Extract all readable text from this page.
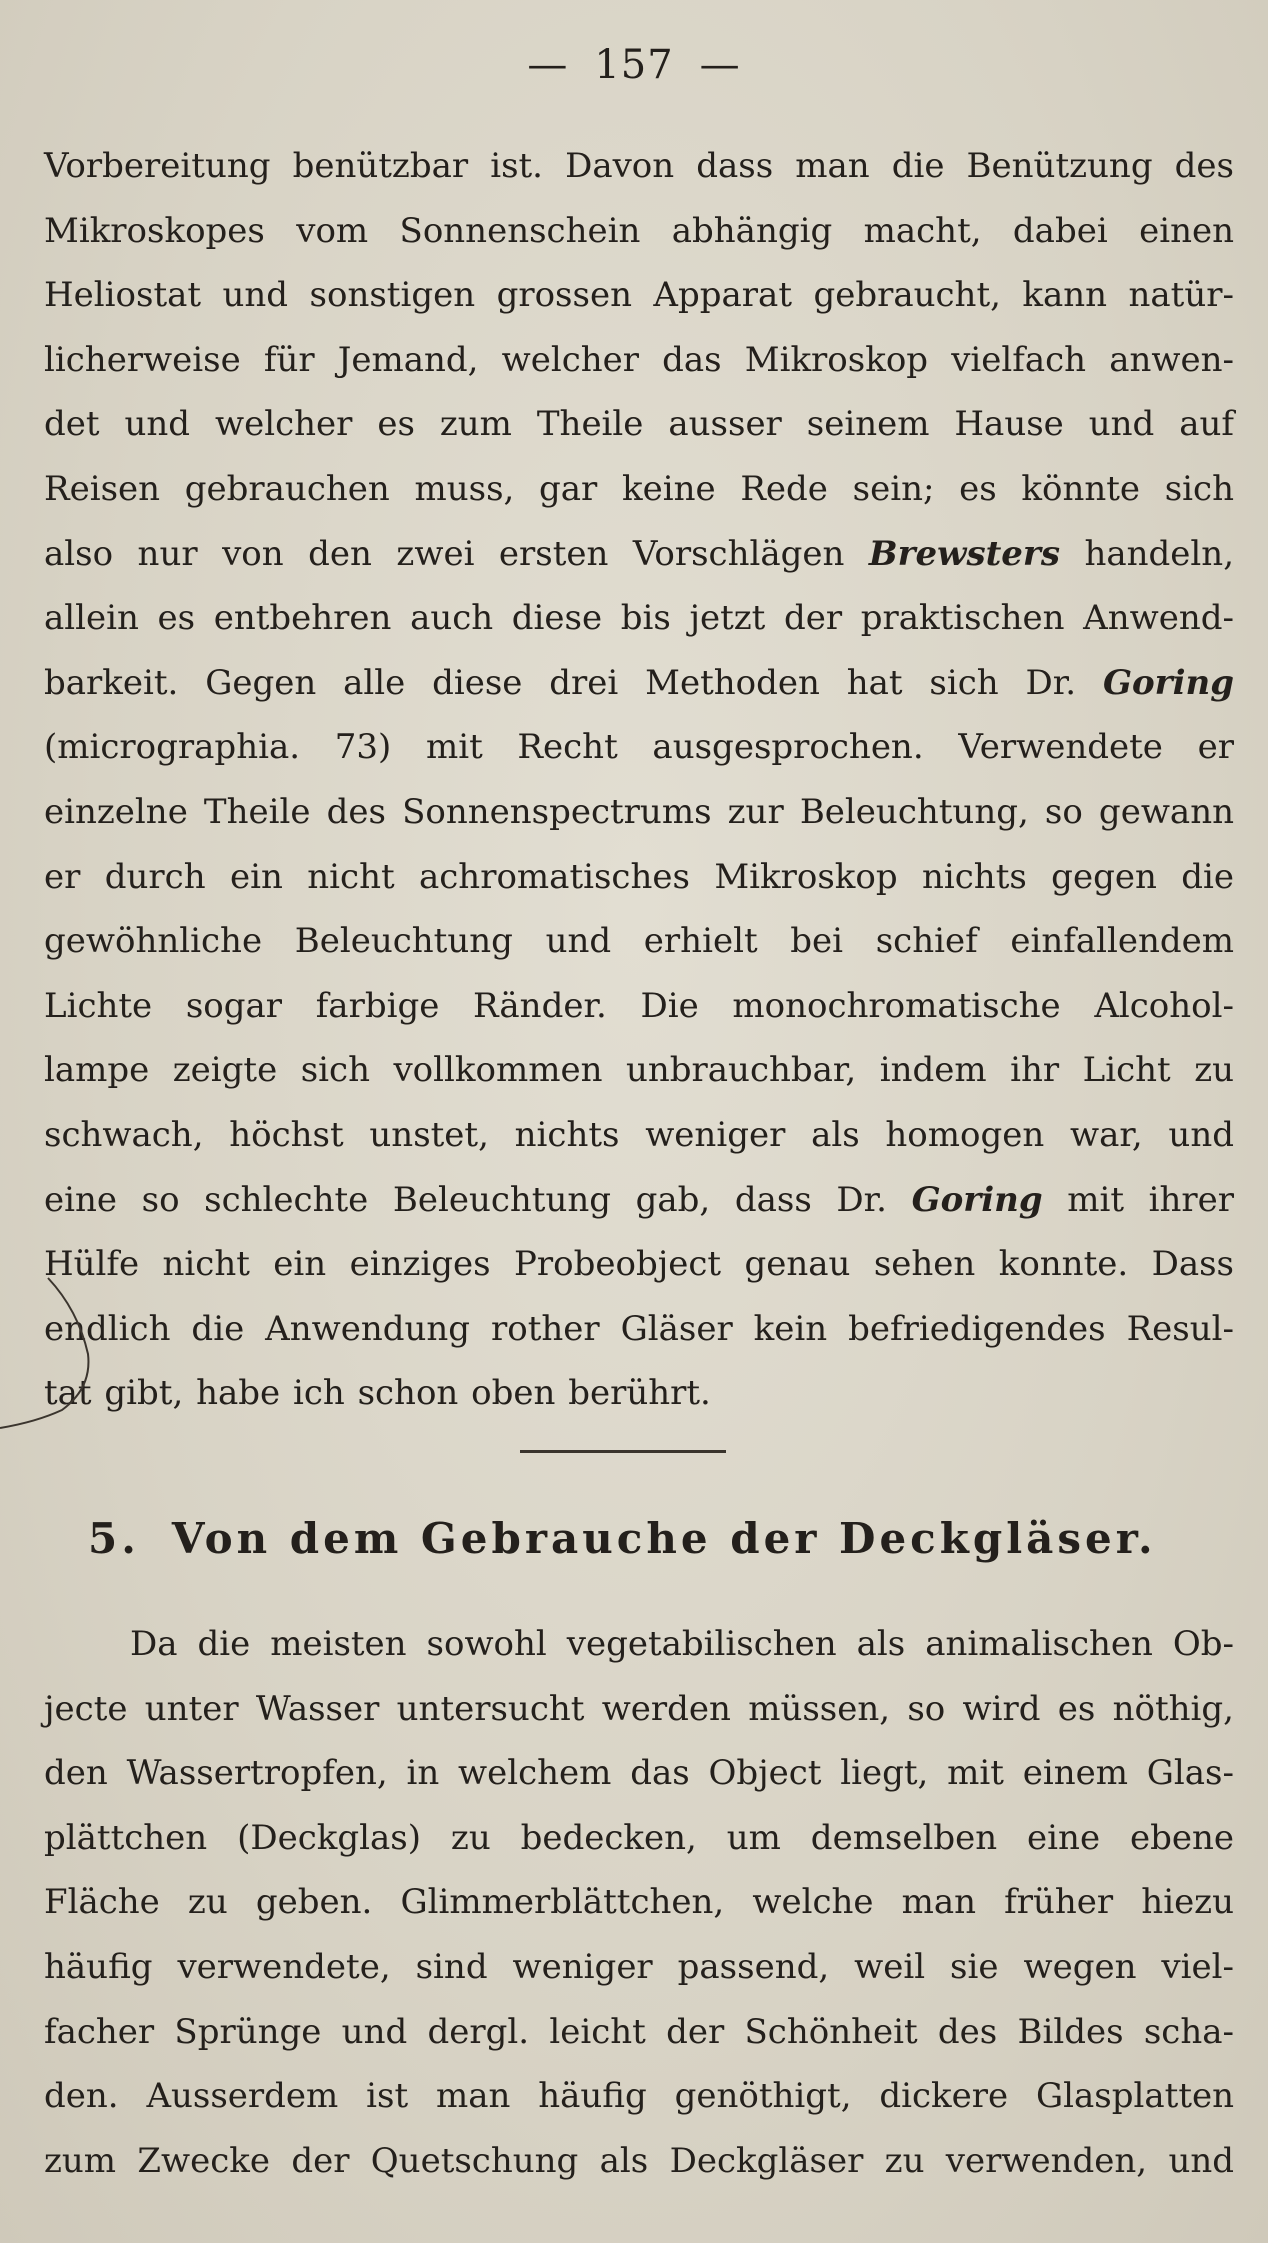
— 157 —
Vorbereitung benützbar ist. Davon dass man die Benützung des
Mikroskopes vom Sonnenschein abhängig macht, dabei einen
Heliostat und sonstigen grossen Apparat gebraucht, kann natür-
licherweise für Jemand, welcher das Mikroskop vielfach anwen-
det und welcher es zum Theile ausser seinem Hause und auf
Reisen gebrauchen muss, gar keine Rede sein; es könnte sich
also nur von den zwei ersten Vorschlägen Brewsters handeln,
allein es entbehren auch diese bis jetzt der praktischen Anwend-
barkeit. Gegen alle diese drei Methoden hat sich Dr. Goring
(micrographia. 73) mit Recht ausgesprochen. Verwendete er
einzelne Theile des Sonnenspectrums zur Beleuchtung, so gewann
er durch ein nicht achromatisches Mikroskop nichts gegen die
gewöhnliche Beleuchtung und erhielt bei schief einfallendem
Lichte sogar farbige Ränder. Die monochromatische Alcohol-
lampe zeigte sich vollkommen unbrauchbar, indem ihr Licht zu
schwach, höchst unstet, nichts weniger als homogen war, und
eine so schlechte Beleuchtung gab, dass Dr. Goring mit ihrer
Hülfe nicht ein einziges Probeobject genau sehen konnte. Dass
endlich die Anwendung rother Gläser kein befriedigendes Resul-
tat gibt, habe ich schon oben berührt.
5. Von dem Gebrauche der Deckgläser.
Da die meisten sowohl vegetabilischen als animalischen Ob-
jecte unter Wasser untersucht werden müssen, so wird es nöthig,
den Wassertropfen, in welchem das Object liegt, mit einem Glas-
plättchen (Deckglas) zu bedecken, um demselben eine ebene
Fläche zu geben. Glimmerblättchen, welche man früher hiezu
häufig verwendete, sind weniger passend, weil sie wegen viel-
facher Sprünge und dergl. leicht der Schönheit des Bildes scha-
den. Ausserdem ist man häufig genöthigt, dickere Glasplatten
zum Zwecke der Quetschung als Deckgläser zu verwenden, und
